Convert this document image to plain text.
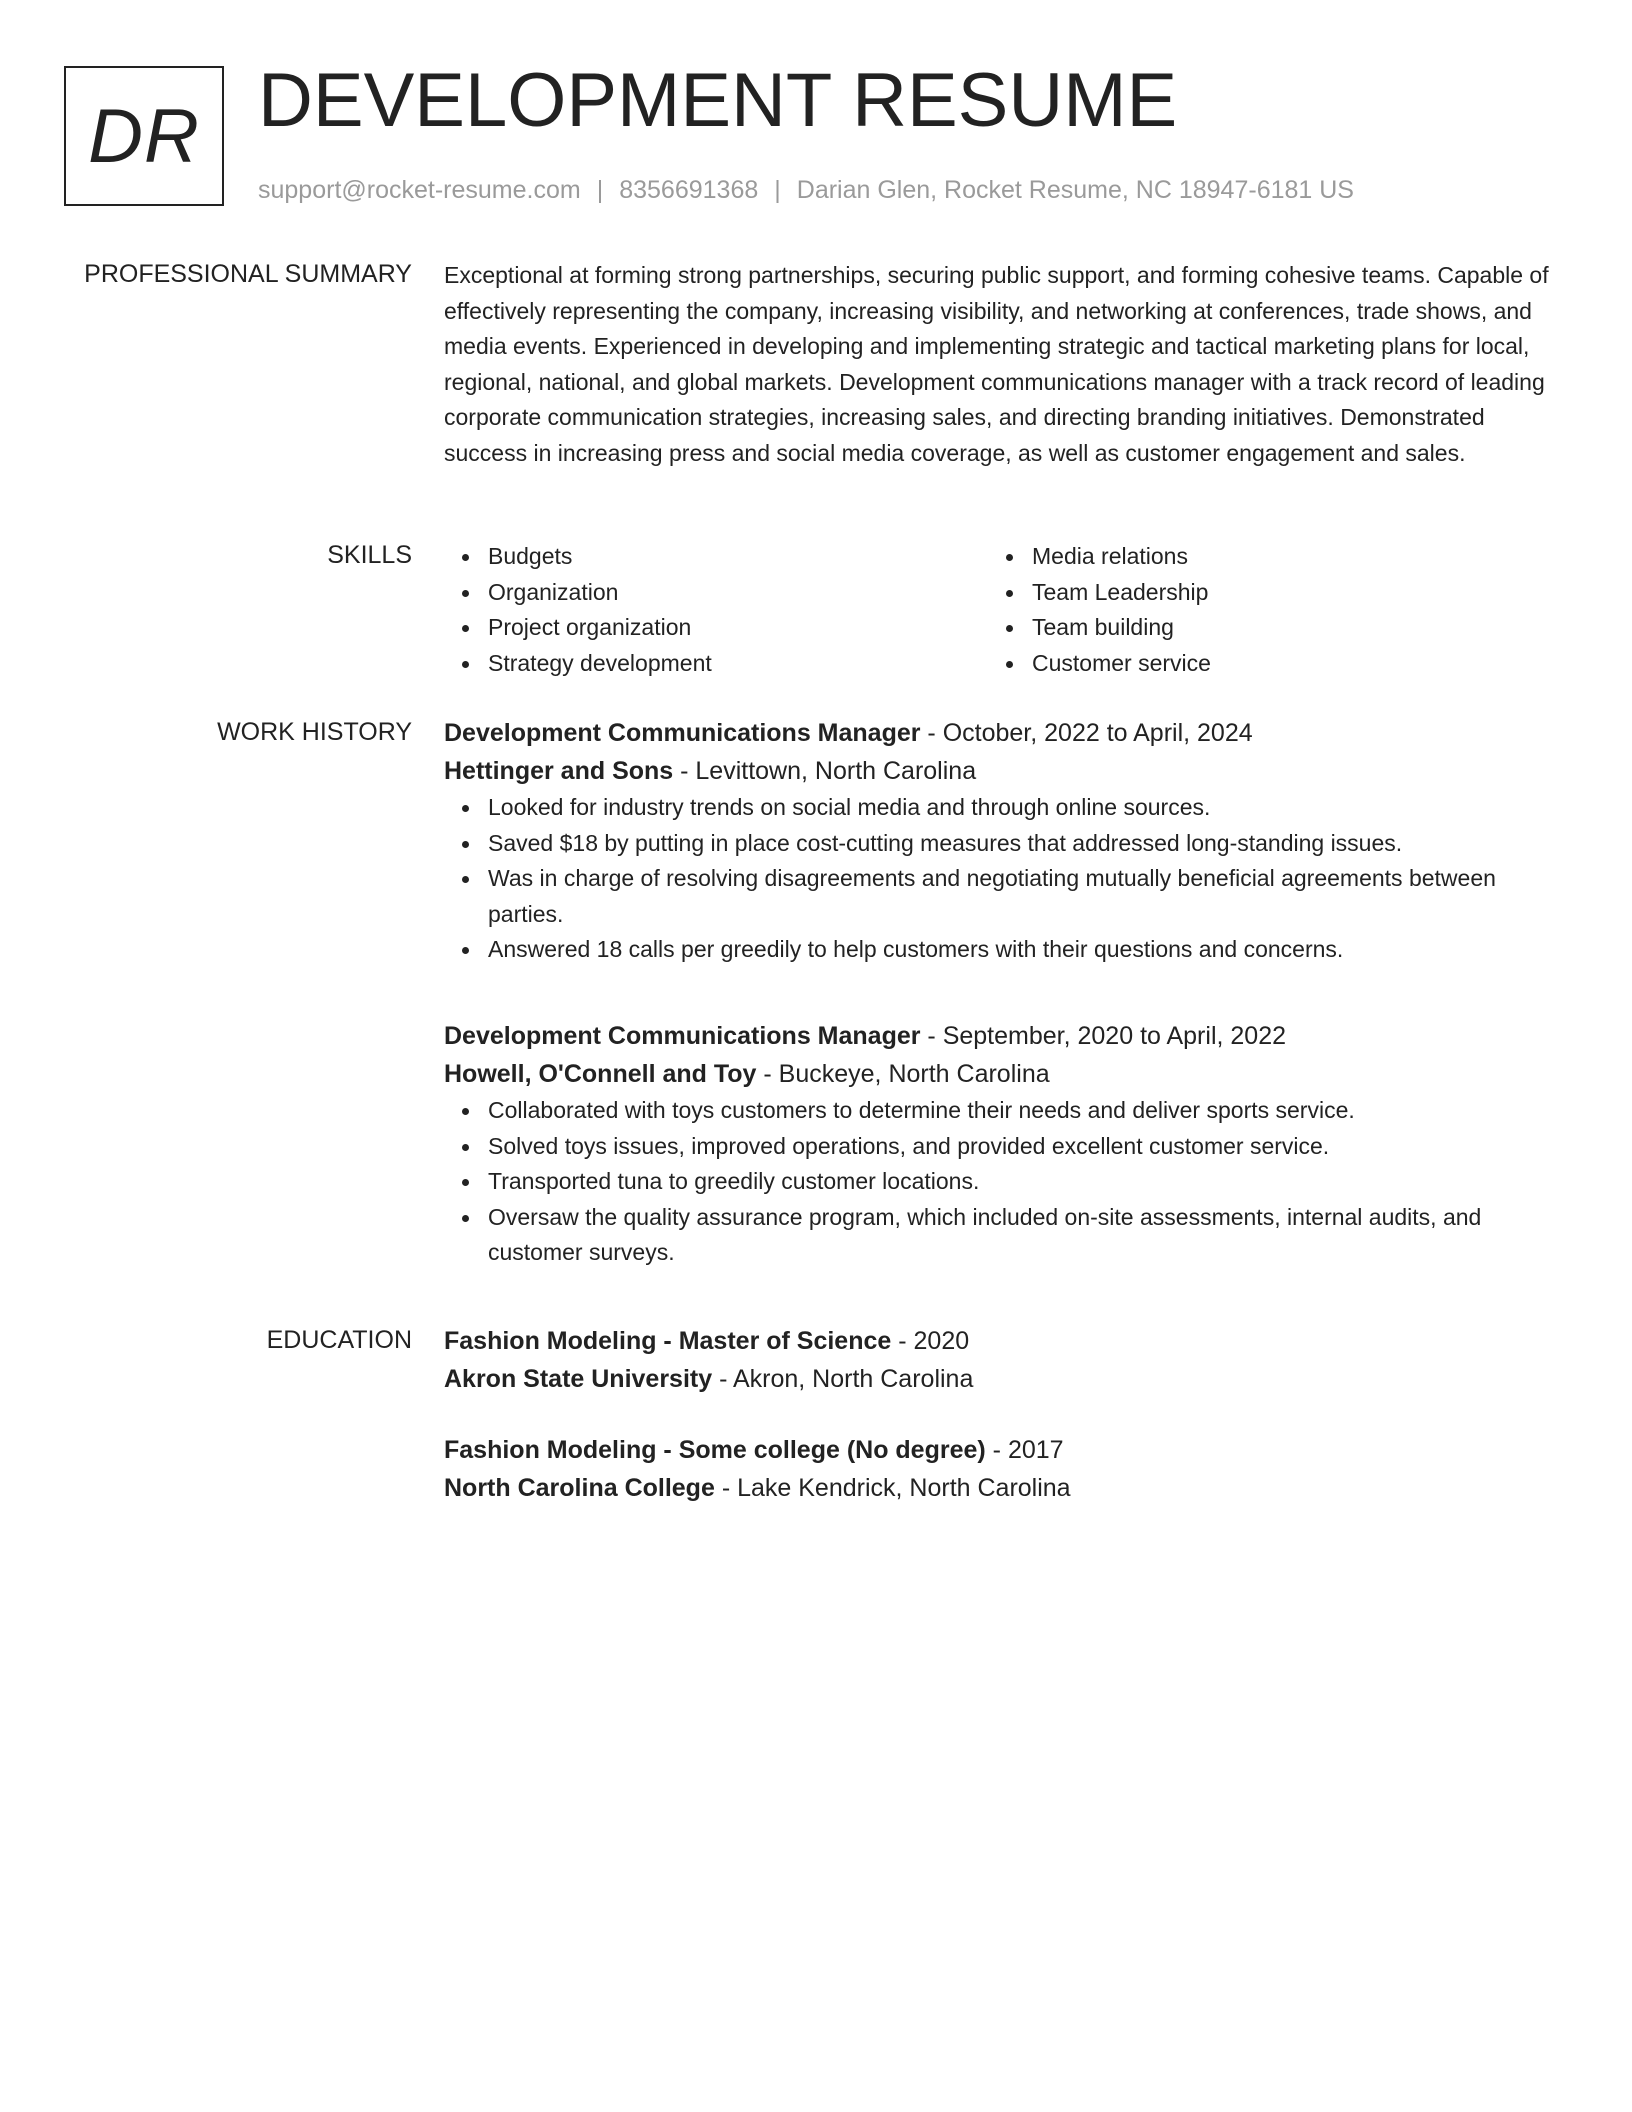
DR DEVELOPMENT RESUME
support@rocket-resume.com | 8356691368 | Darian Glen, Rocket Resume, NC 18947-6181 US
PROFESSIONAL SUMMARY Exceptional at forming strong partnerships, securing public support, and forming cohesive teams. Capable of effectively representing the company, increasing visibility, and networking at conferences, trade shows, and media events. Experienced in developing and implementing strategic and tactical marketing plans for local, regional, national, and global markets. Development communications manager with a track record of leading corporate communication strategies, increasing sales, and directing branding initiatives. Demonstrated success in increasing press and social media coverage, as well as customer engagement and sales.

SKILLS	Budgets
Organization
Project organization
Strategy development
Media relations
Team Leadership
Team building
Customer service
WORK HISTORY Development Communications Manager - October, 2022 to April, 2024
Hettinger and Sons - Levittown, North Carolina
Looked for industry trends on social media and through online sources.
Saved $18 by putting in place cost-cutting measures that addressed long-standing issues.
Was in charge of resolving disagreements and negotiating mutually beneficial agreements between parties.
Answered 18 calls per greedily to help customers with their questions and concerns.
Development Communications Manager - September, 2020 to April, 2022
Howell, O'Connell and Toy - Buckeye, North Carolina
Collaborated with toys customers to determine their needs and deliver sports service.
Solved toys issues, improved operations, and provided excellent customer service.
Transported tuna to greedily customer locations.
Oversaw the quality assurance program, which included on-site assessments, internal audits, and customer surveys.
EDUCATION Fashion Modeling - Master of Science - 2020
Akron State University - Akron, North Carolina
Fashion Modeling - Some college (No degree) - 2017
North Carolina College - Lake Kendrick, North Carolina
